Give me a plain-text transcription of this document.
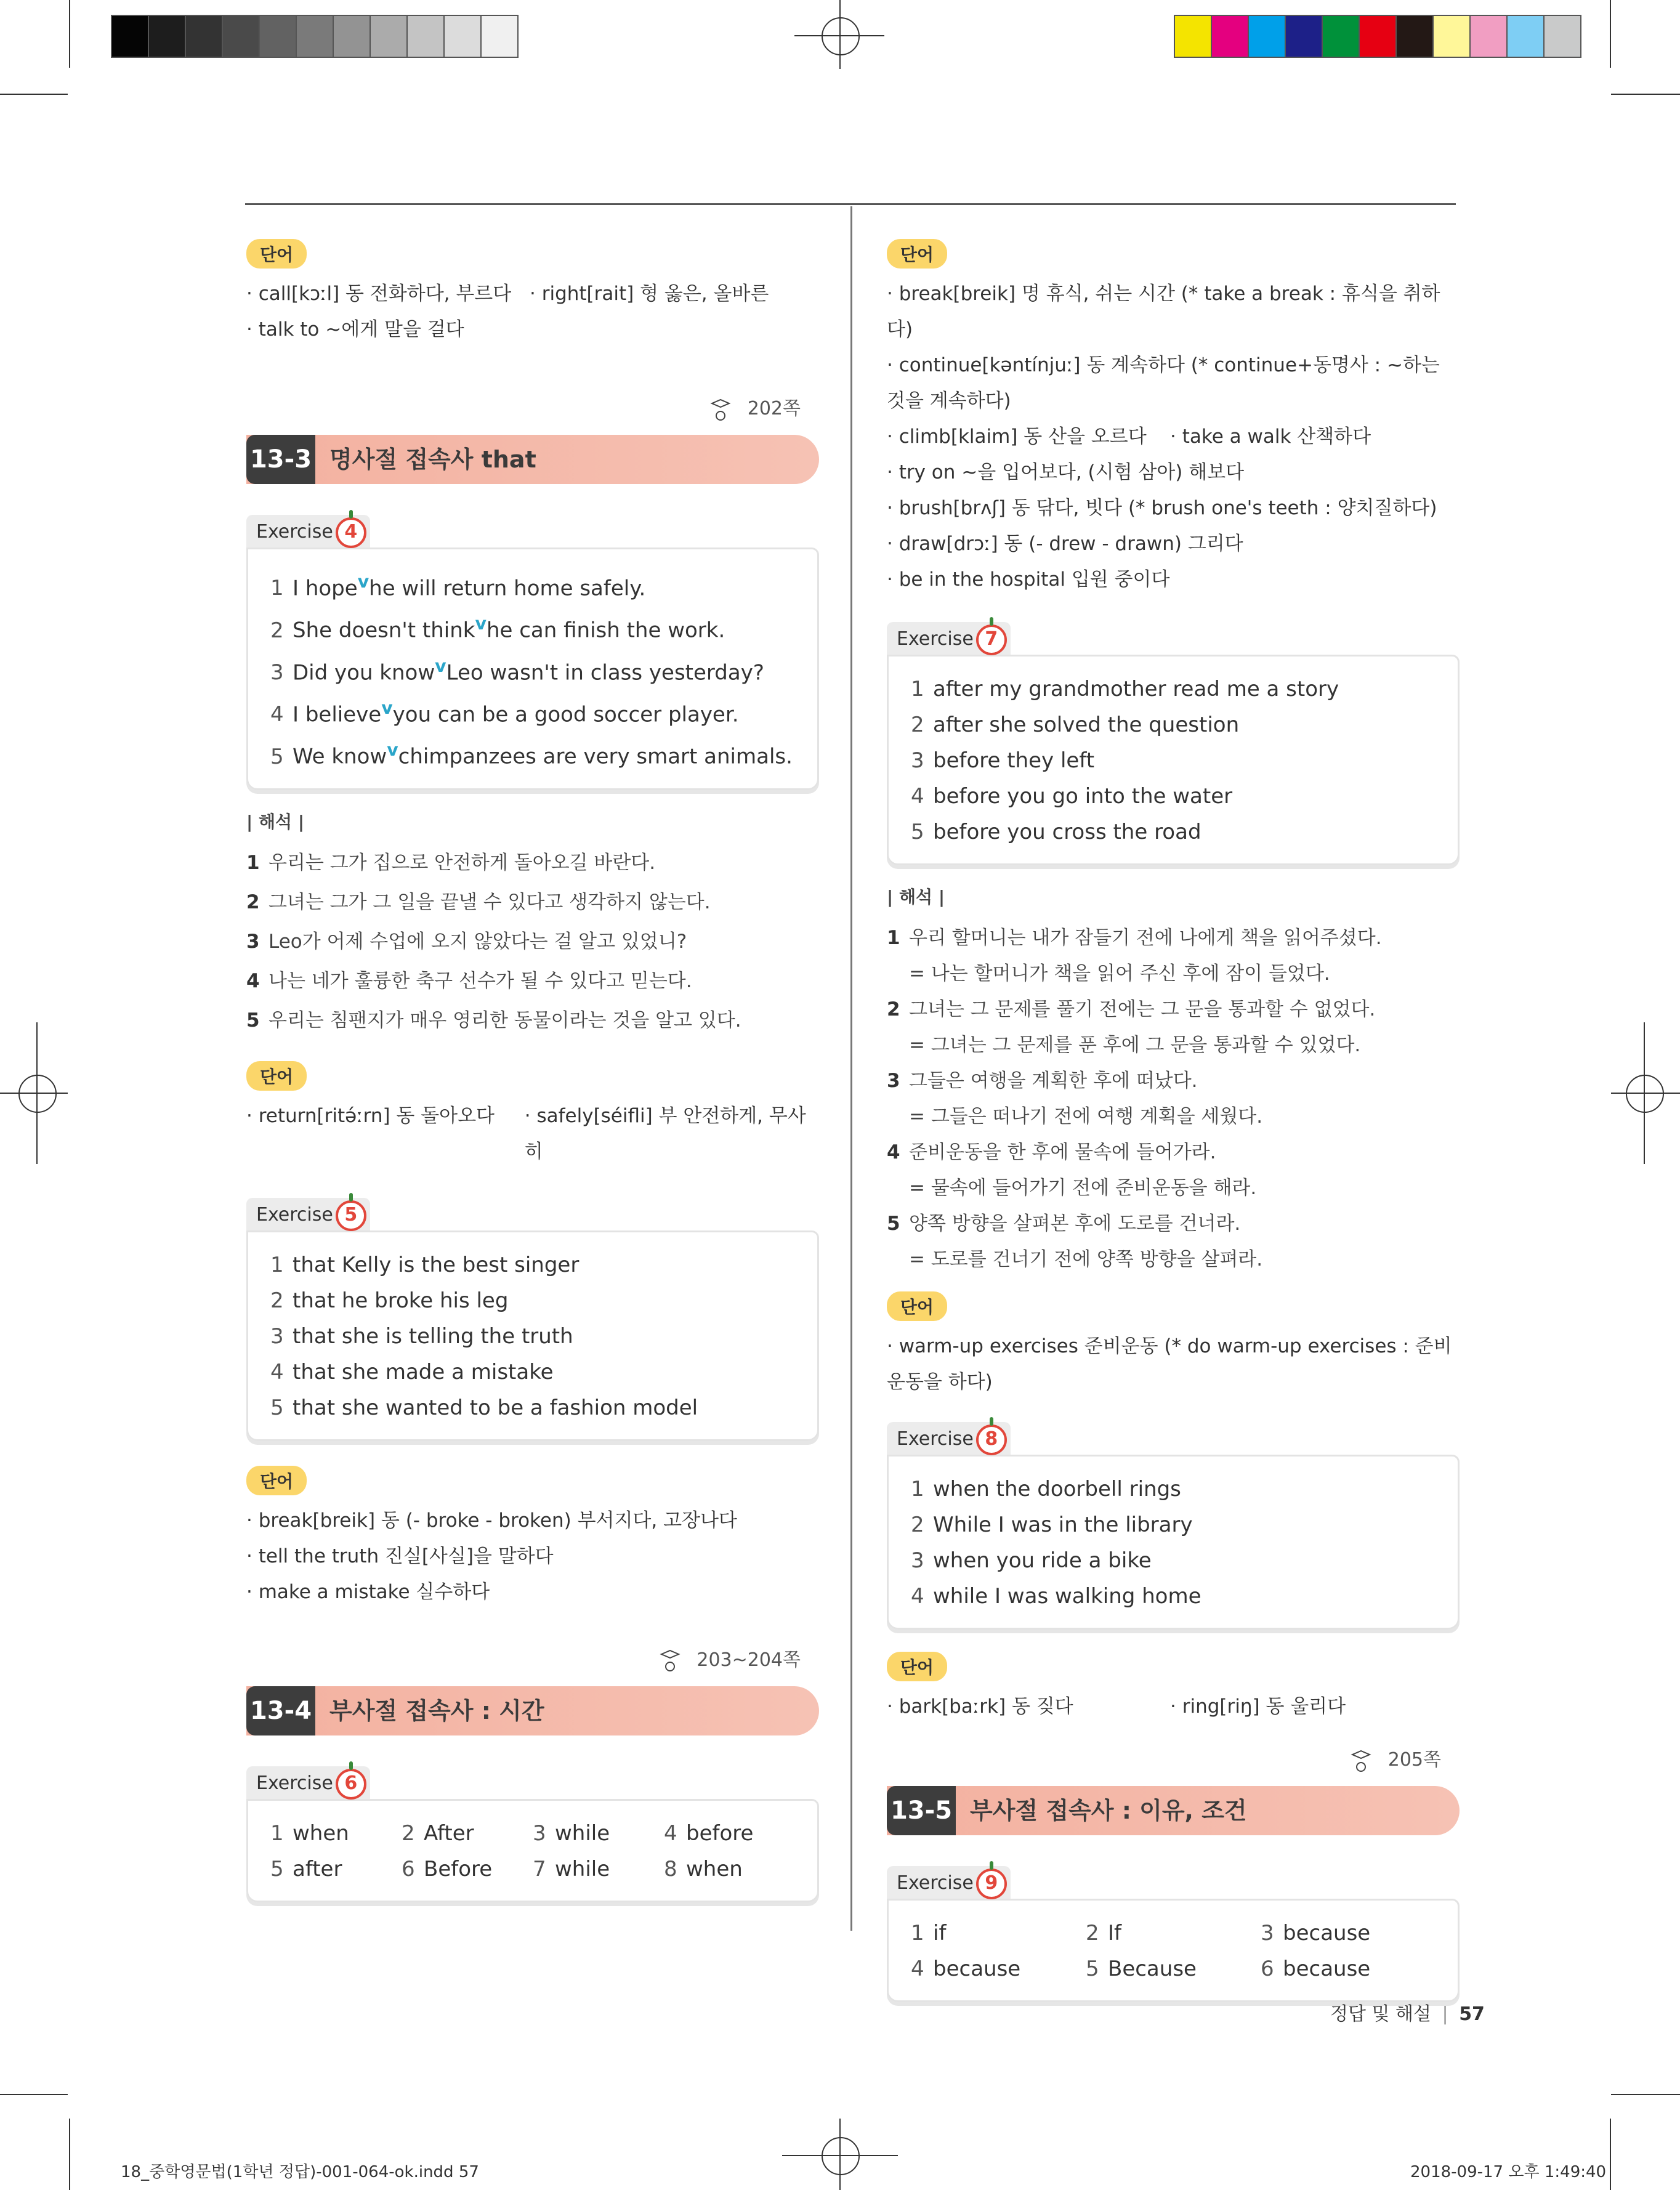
단어
· call[kɔːl] 동 전화하다, 부르다 · right[rait] 형 옳은, 올바른
· talk to ~에게 말을 걸다
202쪽
13-3 명사절 접속사 that
Exercise 4
1 I hope$^v$he will return home safely.
2 She doesn't think$^v$he can finish the work.
3 Did you know$^v$Leo wasn't in class yesterday?
4 I believe$^v$you can be a good soccer player.
5 We know$^v$chimpanzees are very smart animals.
| 해석 |
1 우리는 그가 집으로 안전하게 돌아오길 바란다.
2 그녀는 그가 그 일을 끝낼 수 있다고 생각하지 않는다.
3 Leo가 어제 수업에 오지 않았다는 걸 알고 있었니?
4 나는 네가 훌륭한 축구 선수가 될 수 있다고 믿는다.
5 우리는 침팬지가 매우 영리한 동물이라는 것을 알고 있다.
단어
· return[ritə́ːrn] 동 돌아오다	· safely[séifli] 부 안전하게, 무사히
Exercise 5
1 that Kelly is the best singer
2 that he broke his leg
3 that she is telling the truth
4 that she made a mistake
5 that she wanted to be a fashion model
단어
· break[breik] 동 (- broke - broken) 부서지다, 고장나다
· tell the truth 진실[사실]을 말하다
· make a mistake 실수하다
203~204쪽
13-4 부사절 접속사 : 시간
Exercise 6
1 when	2 After	3 while	4 before
5 after	6 Before	7 while	8 when
단어
· break[breik] 명 휴식, 쉬는 시간 (* take a break : 휴식을 취하다)
· continue[kəntínjuː] 동 계속하다 (* continue+동명사 : ~하는 것을 계속하다)
· climb[klaim] 동 산을 오르다	· take a walk 산책하다
· try on ~을 입어보다, (시험 삼아) 해보다
· brush[brʌʃ] 동 닦다, 빗다 (* brush one's teeth : 양치질하다)
· draw[drɔː] 동 (- drew - drawn) 그리다
· be in the hospital 입원 중이다
Exercise 7
1 after my grandmother read me a story
2 after she solved the question
3 before they left
4 before you go into the water
5 before you cross the road
| 해석 |
1 우리 할머니는 내가 잠들기 전에 나에게 책을 읽어주셨다.
= 나는 할머니가 책을 읽어 주신 후에 잠이 들었다.
2 그녀는 그 문제를 풀기 전에는 그 문을 통과할 수 없었다.
= 그녀는 그 문제를 푼 후에 그 문을 통과할 수 있었다.
3 그들은 여행을 계획한 후에 떠났다.
= 그들은 떠나기 전에 여행 계획을 세웠다.
4 준비운동을 한 후에 물속에 들어가라.
= 물속에 들어가기 전에 준비운동을 해라.
5 양쪽 방향을 살펴본 후에 도로를 건너라.
= 도로를 건너기 전에 양쪽 방향을 살펴라.
단어
· warm-up exercises 준비운동 (* do warm-up exercises : 준비운동을 하다)
Exercise 8
1 when the doorbell rings
2 While I was in the library
3 when you ride a bike
4 while I was walking home
단어
· bark[baːrk] 동 짖다	· ring[riŋ] 동 울리다
205쪽
13-5 부사절 접속사 : 이유, 조건
Exercise 9
1 if	2 If	3 because
4 because	5 Because	6 because
정답 및 해설 | 57
18_중학영문법(1학년 정답)-001-064-ok.indd 57	2018-09-17 오후 1:49:40
